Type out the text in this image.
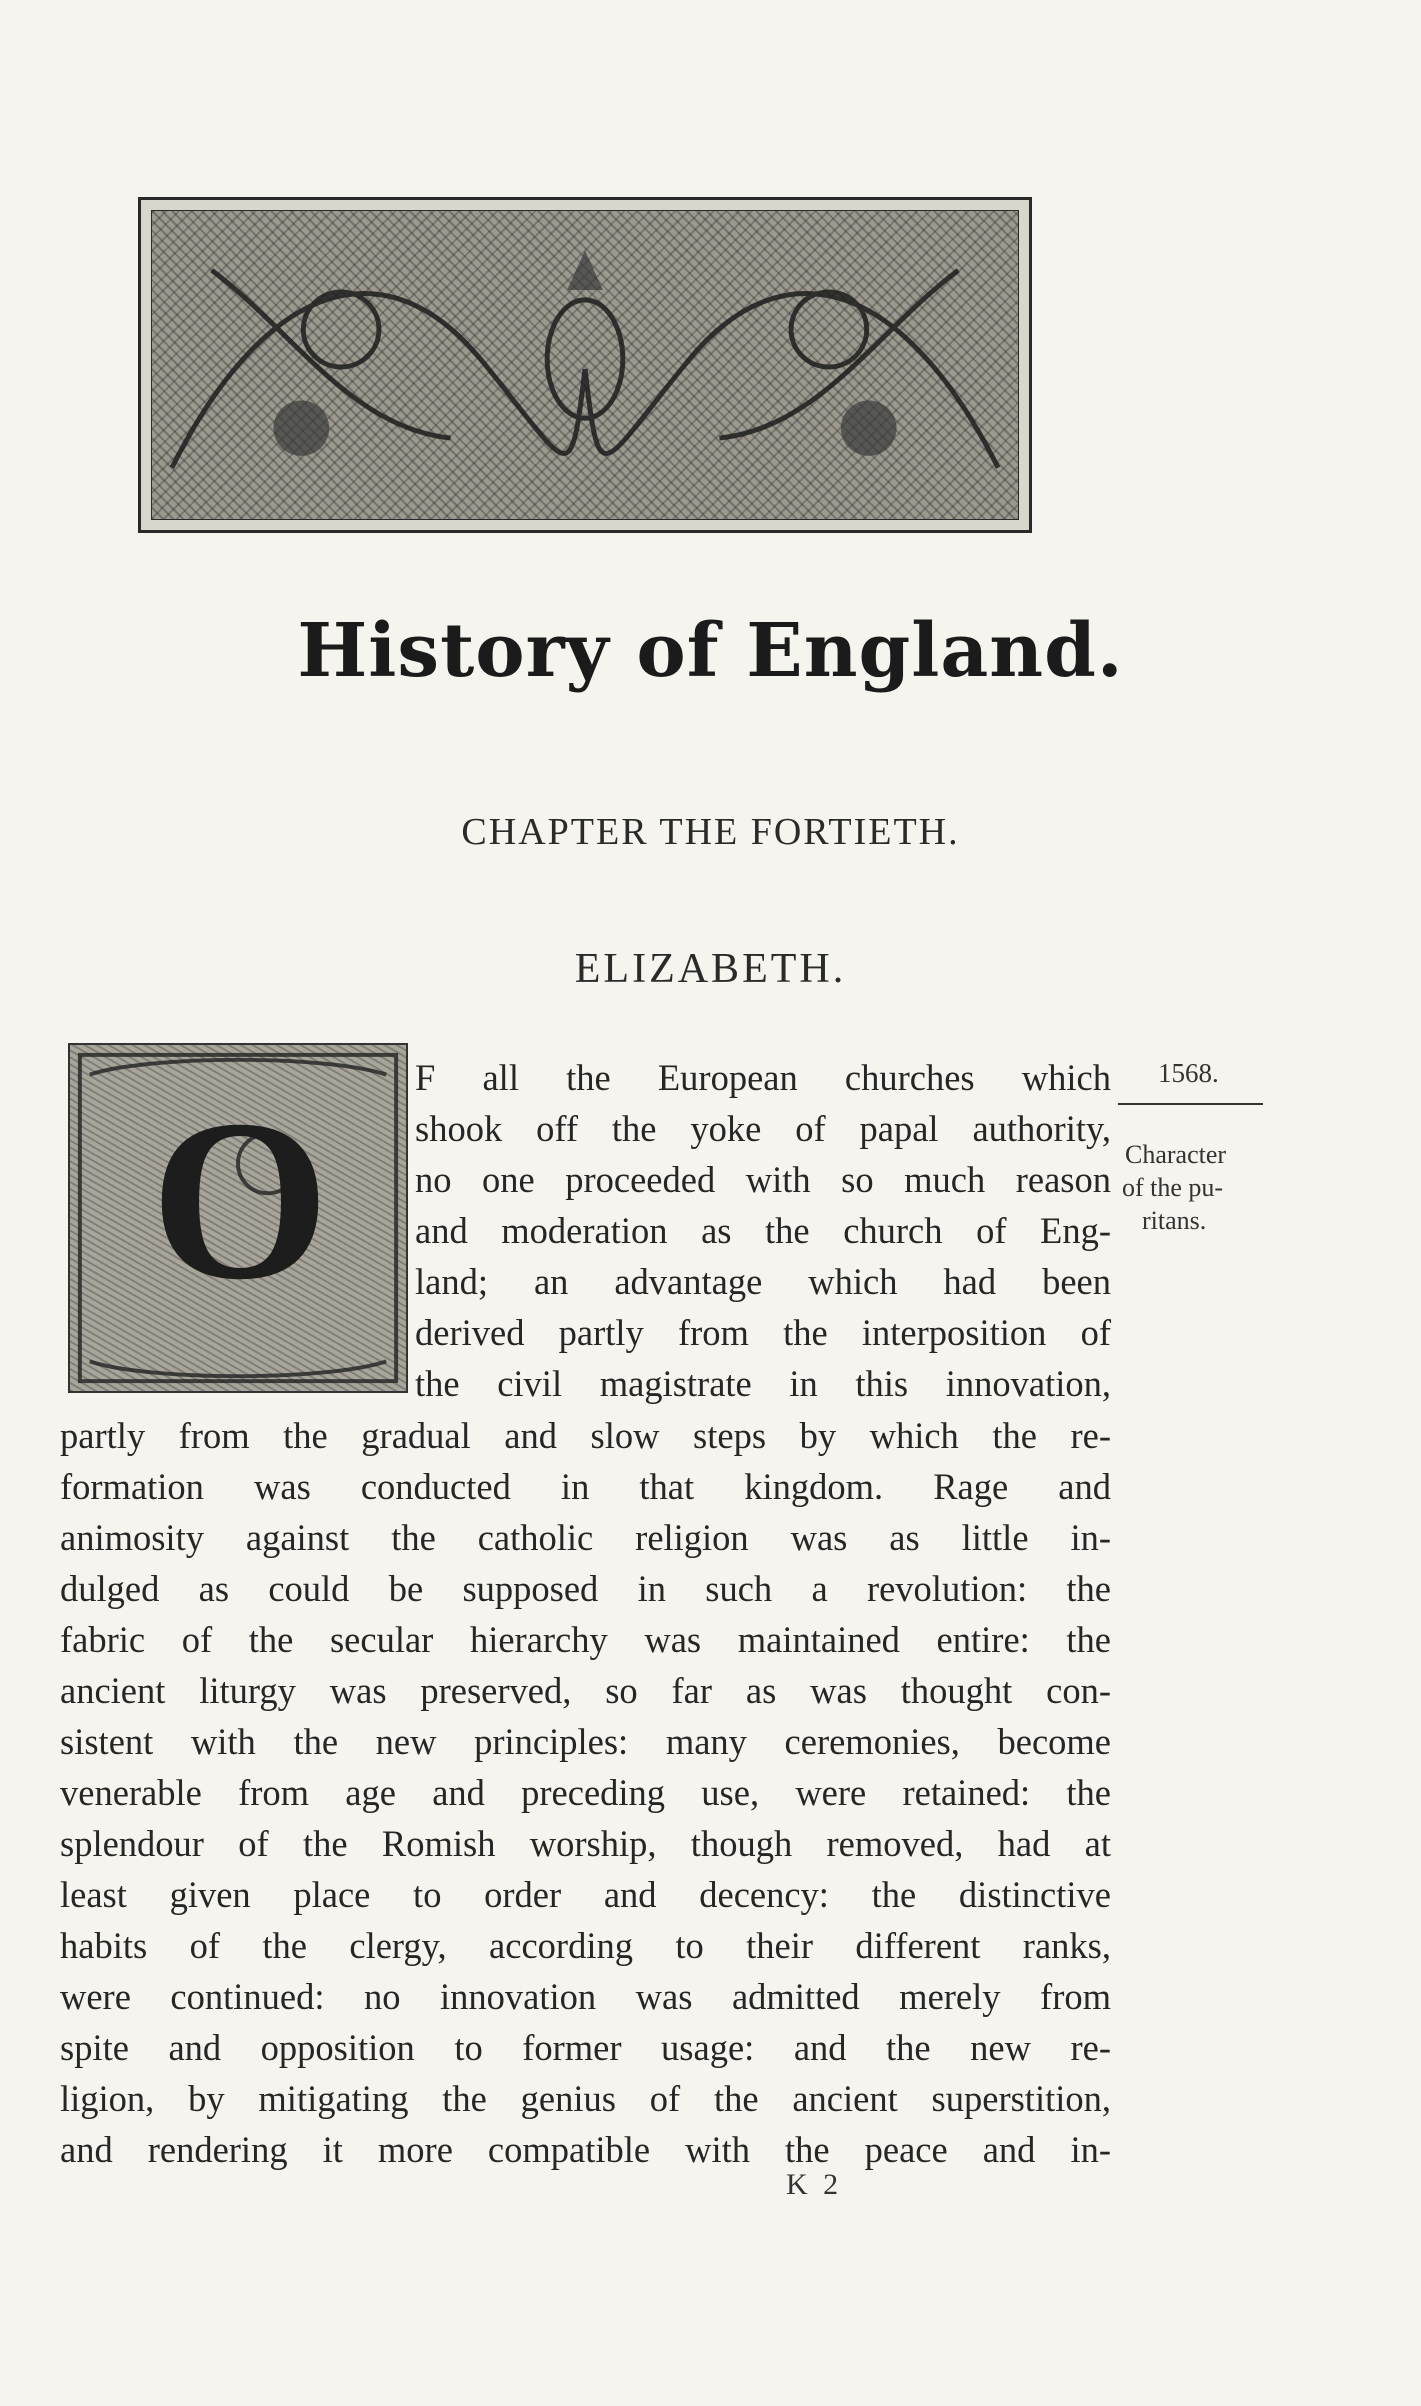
History of England.
CHAPTER THE FORTIETH.
ELIZABETH.
O	F all the European churches which
shook off the yoke of papal authority,
no one proceeded with so much reason
and moderation as the church of Eng-
land; an advantage which had been
derived partly from the interposition of
the civil magistrate in this innovation,
partly from the gradual and slow steps by which the re-
formation was conducted in that kingdom. Rage and
animosity against the catholic religion was as little in-
dulged as could be supposed in such a revolution: the
fabric of the secular hierarchy was maintained entire: the
ancient liturgy was preserved, so far as was thought con-
sistent with the new principles: many ceremonies, become
venerable from age and preceding use, were retained: the
splendour of the Romish worship, though removed, had at
least given place to order and decency: the distinctive
habits of the clergy, according to their different ranks,
were continued: no innovation was admitted merely from
spite and opposition to former usage: and the new re-
ligion, by mitigating the genius of the ancient superstition,
and rendering it more compatible with the peace and in-
1568.
Character
of the pu-
ritans.
K 2
